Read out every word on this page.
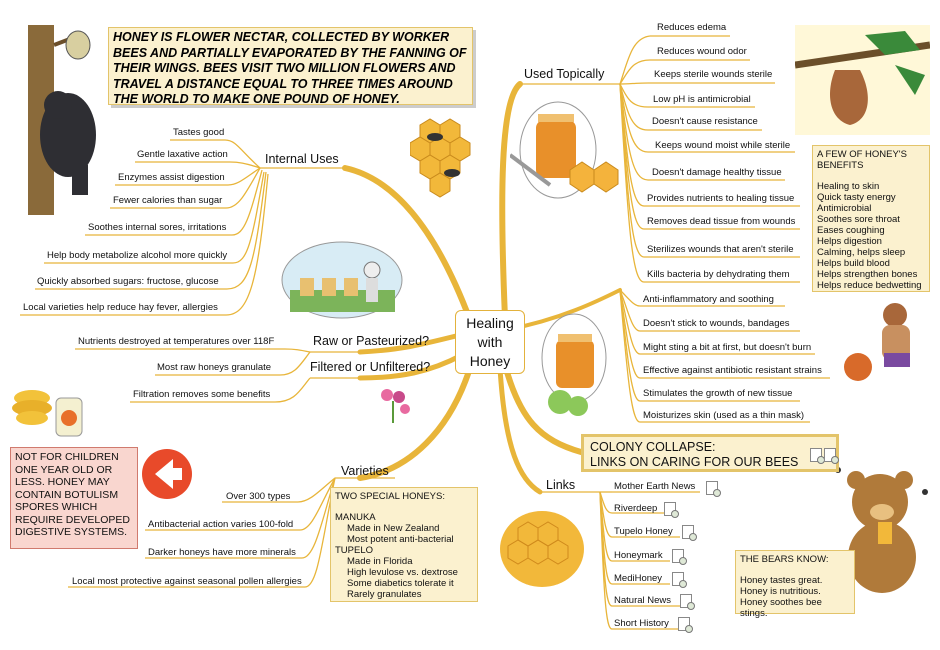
HONEY IS FLOWER NECTAR, COLLECTED BY WORKER BEES AND PARTIALLY EVAPORATED BY THE FANNING OF THEIR WINGS. BEES VISIT TWO MILLION FLOWERS AND TRAVEL A DISTANCE EQUAL TO THREE TIMES AROUND THE WORLD TO MAKE ONE POUND OF HONEY.
Internal Uses
Tastes good
Gentle laxative action
Enzymes assist digestion
Fewer calories than sugar
Soothes internal sores, irritations
Help body metabolize alcohol more quickly
Quickly absorbed sugars: fructose, glucose
Local varieties help reduce hay fever, allergies
Raw or Pasteurized?
Nutrients destroyed at temperatures over 118F
Most raw honeys granulate	Filtered or Unfiltered?
Filtration removes some benefits
Varieties
Over 300 types
Antibacterial action varies 100-fold
Darker honeys have more minerals
Local most protective against seasonal pollen allergies
TWO SPECIAL HONEYS:
MANUKA
Made in New Zealand
Most potent anti-bacterial
TUPELO
Made in Florida
High levulose vs. dextrose
Some diabetics tolerate it
Rarely granulates
NOT FOR CHILDREN ONE YEAR OLD OR LESS. HONEY MAY CONTAIN BOTULISM SPORES WHICH REQUIRE DEVELOPED DIGESTIVE SYSTEMS.
Healing
with
Honey
Used Topically
Reduces edema
Reduces wound odor
Keeps sterile wounds sterile
Low pH is antimicrobial
Doesn't cause resistance
Keeps wound moist while sterile
Doesn't damage healthy tissue
Provides nutrients to healing tissue
Removes dead tissue from wounds
Sterilizes wounds that aren't sterile
Kills bacteria by dehydrating them
Anti-inflammatory and soothing
Doesn't stick to wounds, bandages
Might sting a bit at first, but doesn't burn
Effective against antibiotic resistant strains
Stimulates the growth of new tissue
Moisturizes skin (used as a thin mask)
A FEW OF HONEY'S BENEFITS
Healing to skin
Quick tasty energy
Antimicrobial
Soothes sore throat
Eases coughing
Helps digestion
Calming, helps sleep
Helps build blood
Helps strengthen bones
Helps reduce bedwetting
COLONY COLLAPSE:
LINKS ON CARING FOR OUR BEES
Links	Mother Earth News
Riverdeep
Tupelo Honey
Honeymark
MediHoney
Natural News
Short History
THE BEARS KNOW:
Honey tastes great.
Honey is nutritious.
Honey soothes bee stings.
